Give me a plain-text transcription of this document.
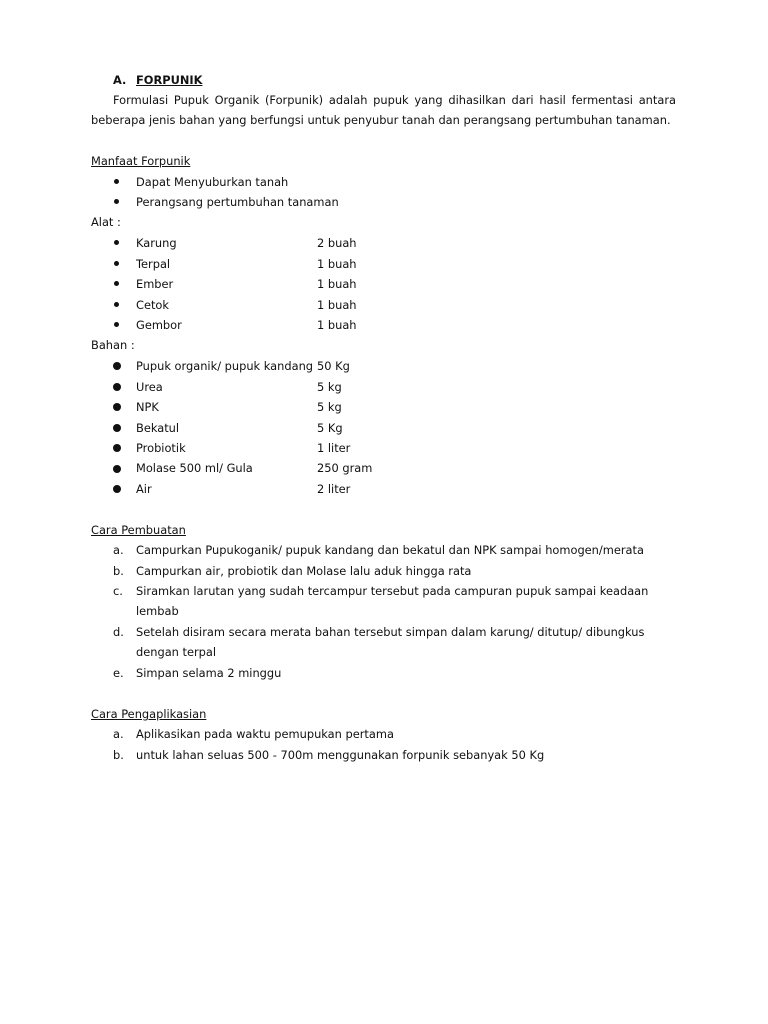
A. FORPUNIK
Formulasi Pupuk Organik (Forpunik) adalah pupuk yang dihasilkan dari hasil fermentasi antara
beberapa jenis bahan yang berfungsi untuk penyubur tanah dan perangsang pertumbuhan tanaman.
Manfaat Forpunik
Dapat Menyuburkan tanah
Perangsang pertumbuhan tanaman
Alat :
Karung	2 buah
Terpal	1 buah
Ember	1 buah
Cetok	1 buah
Gembor	1 buah
Bahan :
Pupuk organik/ pupuk kandang 50 Kg
Urea	5 kg
NPK	5 kg
Bekatul	5 Kg
Probiotik	1 liter
Molase 500 ml/ Gula	250 gram
Air	2 liter
Cara Pembuatan
a. Campurkan Pupukoganik/ pupuk kandang dan bekatul dan NPK sampai homogen/merata
b. Campurkan air, probiotik dan Molase lalu aduk hingga rata
c. Siramkan larutan yang sudah tercampur tersebut pada campuran pupuk sampai keadaan
lembab
d. Setelah disiram secara merata bahan tersebut simpan dalam karung/ ditutup/ dibungkus
dengan terpal
e. Simpan selama 2 minggu
Cara Pengaplikasian
a. Aplikasikan pada waktu pemupukan pertama
b. untuk lahan seluas 500 - 700m menggunakan forpunik sebanyak 50 Kg
